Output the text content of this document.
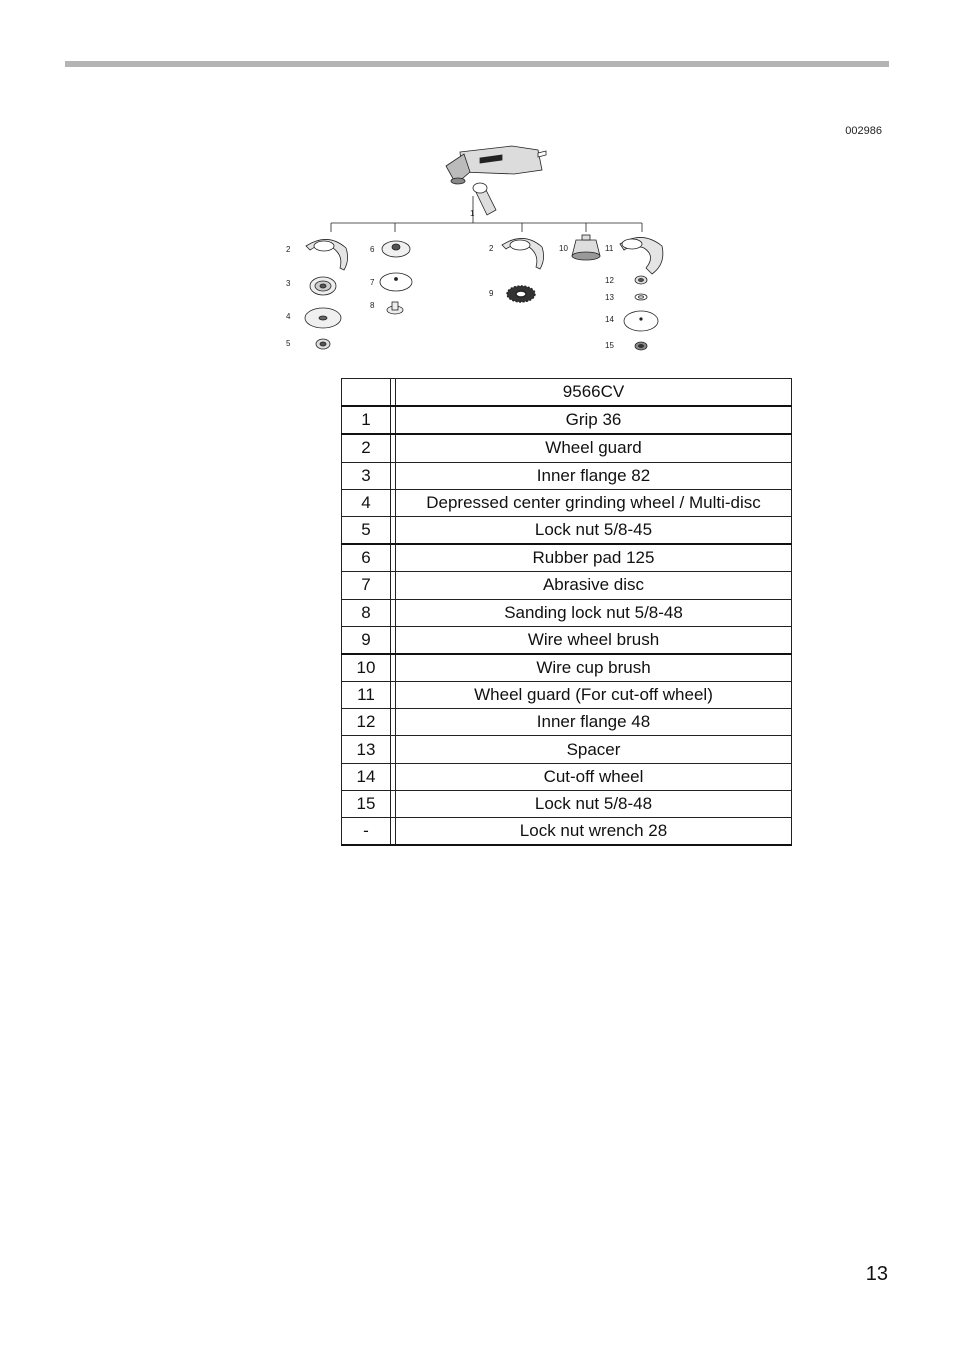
002986
1
2
3
4
5
6
7
8
2
9
10	11
12
13
14
15
		9566CV
1		Grip 36
2		Wheel guard
3		Inner flange 82
4		Depressed center grinding wheel / Multi-disc
5		Lock nut 5/8-45
6		Rubber pad 125
7		Abrasive disc
8		Sanding lock nut 5/8-48
9		Wire wheel brush
10		Wire cup brush
11		Wheel guard (For cut-off wheel)
12		Inner flange 48
13		Spacer
14		Cut-off wheel
15		Lock nut 5/8-48
-		Lock nut wrench 28
13
